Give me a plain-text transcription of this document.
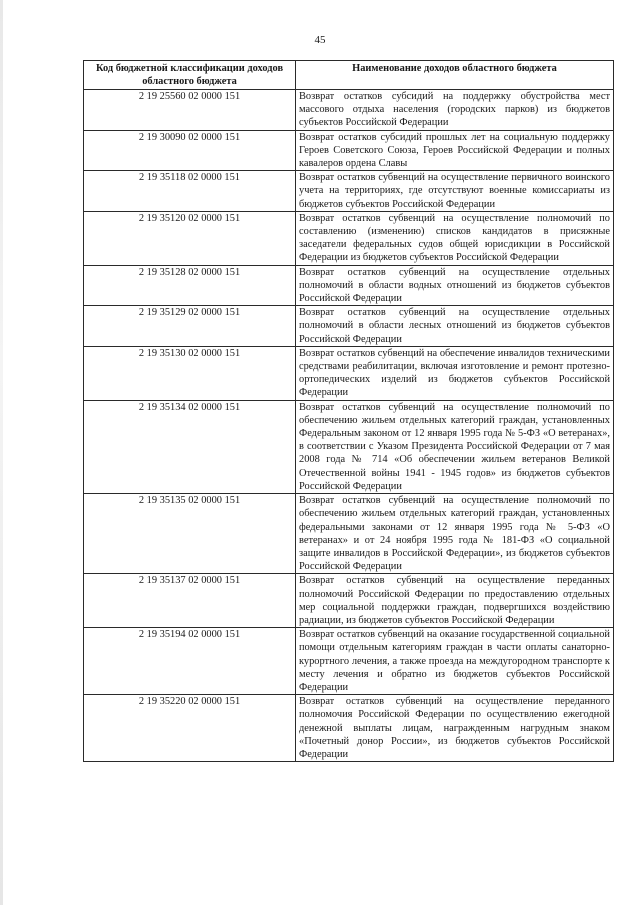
45
Код бюджетной классификации доходов областного бюджета	Наименование доходов областного бюджета
2 19 25560 02 0000 151	Возврат остатков субсидий на поддержку обустройства мест массового отдыха населения (городских парков) из бюджетов субъектов Российской Федерации
2 19 30090 02 0000 151	Возврат остатков субсидий прошлых лет на социальную поддержку Героев Советского Союза, Героев Российской Федерации и полных кавалеров ордена Славы
2 19 35118 02 0000 151	Возврат остатков субвенций на осуществление первичного воинского учета на территориях, где отсутствуют военные комиссариаты из бюджетов субъектов Российской Федерации
2 19 35120 02 0000 151	Возврат остатков субвенций на осуществление полномочий по составлению (изменению) списков кандидатов в присяжные заседатели федеральных судов общей юрисдикции в Российской Федерации из бюджетов субъектов Российской Федерации
2 19 35128 02 0000 151	Возврат остатков субвенций на осуществление отдельных полномочий в области водных отношений из бюджетов субъектов Российской Федерации
2 19 35129 02 0000 151	Возврат остатков субвенций на осуществление отдельных полномочий в области лесных отношений из бюджетов субъектов Российской Федерации
2 19 35130 02 0000 151	Возврат остатков субвенций на обеспечение инвалидов техническими средствами реабилитации, включая изготовление и ремонт протезно-ортопедических изделий из бюджетов субъектов Российской Федерации
2 19 35134 02 0000 151	Возврат остатков субвенций на осуществление полномочий по обеспечению жильем отдельных категорий граждан, установленных Федеральным законом от 12 января 1995 года № 5-ФЗ «О ветеранах», в соответствии с Указом Президента Российской Федерации от 7 мая 2008 года № 714 «Об обеспечении жильем ветеранов Великой Отечественной войны 1941 - 1945 годов» из бюджетов субъектов Российской Федерации
2 19 35135 02 0000 151	Возврат остатков субвенций на осуществление полномочий по обеспечению жильем отдельных категорий граждан, установленных федеральными законами от 12 января 1995 года № 5-ФЗ «О ветеранах» и от 24 ноября 1995 года № 181-ФЗ «О социальной защите инвалидов в Российской Федерации», из бюджетов субъектов Российской Федерации
2 19 35137 02 0000 151	Возврат остатков субвенций на осуществление переданных полномочий Российской Федерации по предоставлению отдельных мер социальной поддержки граждан, подвергшихся воздействию радиации, из бюджетов субъектов Российской Федерации
2 19 35194 02 0000 151	Возврат остатков субвенций на оказание государственной социальной помощи отдельным категориям граждан в части оплаты санаторно-курортного лечения, а также проезда на междугородном транспорте к месту лечения и обратно из бюджетов субъектов Российской Федерации
2 19 35220 02 0000 151	Возврат остатков субвенций на осуществление переданного полномочия Российской Федерации по осуществлению ежегодной денежной выплаты лицам, награжденным нагрудным знаком «Почетный донор России», из бюджетов субъектов Российской Федерации
